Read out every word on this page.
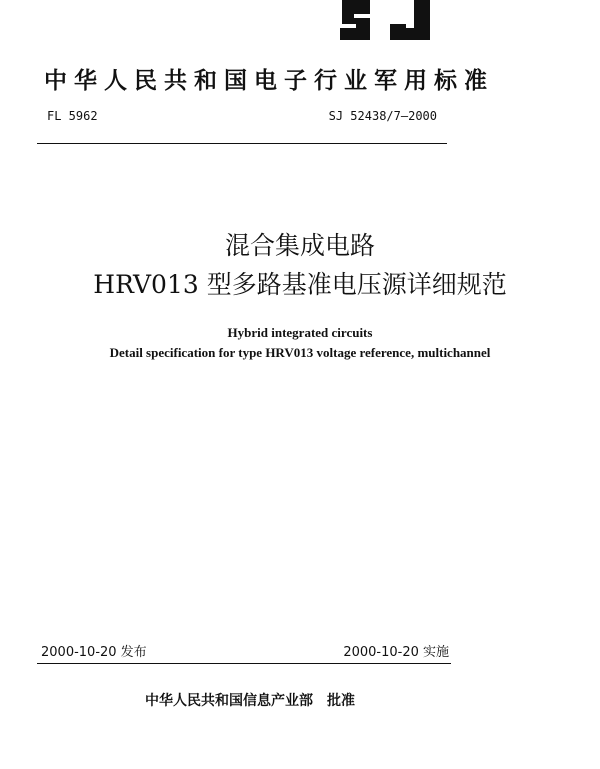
中华人民共和国电子行业军用标准
FL 5962	SJ 52438/7—2000
混合集成电路
HRV013 型多路基准电压源详细规范
Hybrid integrated circuits
Detail specification for type HRV013 voltage reference, multichannel
2000-10-20 发布	2000-10-20 实施
中华人民共和国信息产业部 批准
